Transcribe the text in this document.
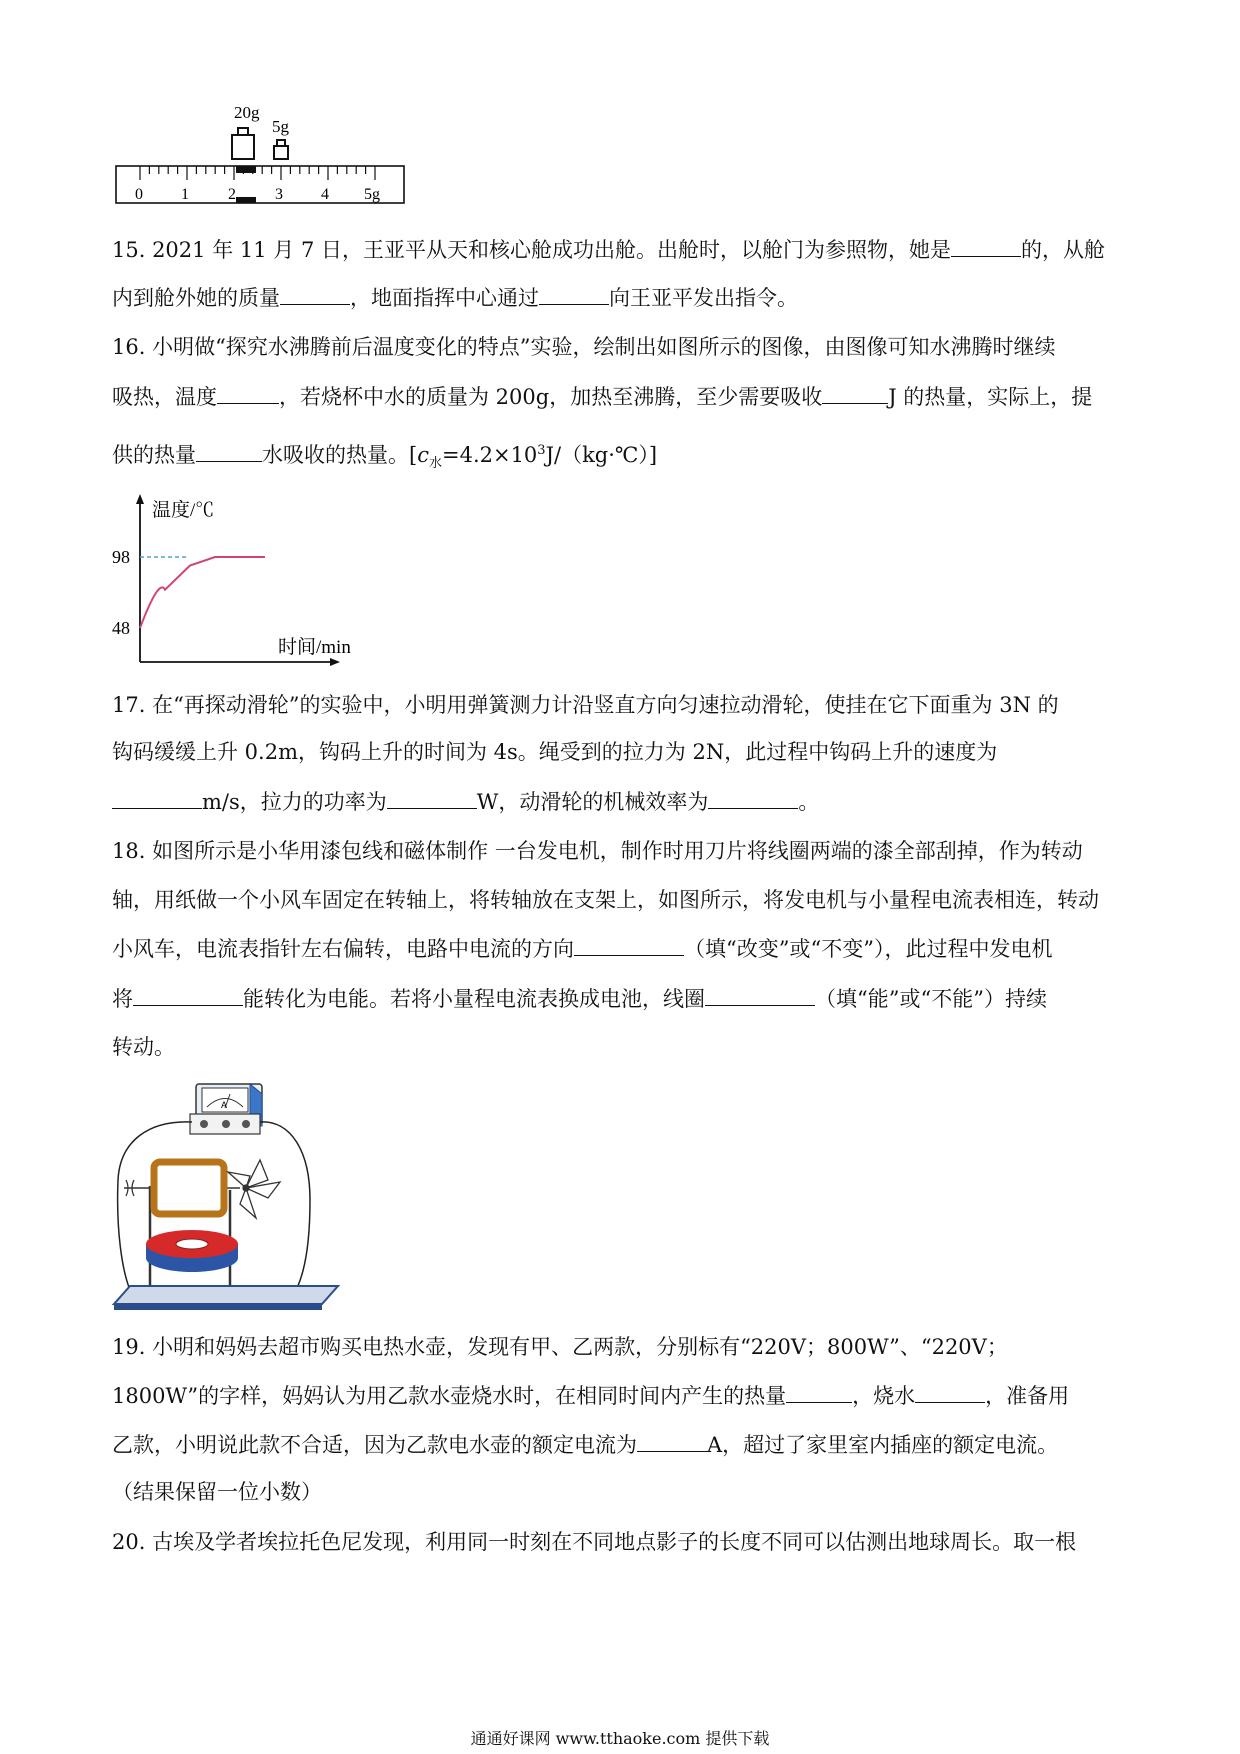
20g
5g
0 1 2 3 4 5g
15. 2021 年 11 月 7 日，王亚平从天和核心舱成功出舱。出舱时，以舱门为参照物，她是	的，从舱
内到舱外她的质量	，地面指挥中心通过	向王亚平发出指令。
16. 小明做“探究水沸腾前后温度变化的特点”实验，绘制出如图所示的图像，由图像可知水沸腾时继续
吸热，温度	，若烧杯中水的质量为 200g，加热至沸腾，至少需要吸收	J 的热量，实际上，提
供的热量	水吸收的热量。$[c_水=4.2\times 10^3J/(kg\cdot℃)]$
温度/℃
时间/min
98
48
17. 在“再探动滑轮”的实验中，小明用弹簧测力计沿竖直方向匀速拉动滑轮，使挂在它下面重为 3N 的
钩码缓缓上升 0.2m，钩码上升的时间为 4s。绳受到的拉力为 2N，此过程中钩码上升的速度为
m/s，拉力的功率为	W，动滑轮的机械效率为	。
18. 如图所示是小华用漆包线和磁体制作 一台发电机，制作时用刀片将线圈两端的漆全部刮掉，作为转动
轴，用纸做一个小风车固定在转轴上，将转轴放在支架上，如图所示，将发电机与小量程电流表相连，转动
小风车，电流表指针左右偏转，电路中电流的方向	（填“改变”或“不变”），此过程中发电机
将	能转化为电能。若将小量程电流表换成电池，线圈	（填“能”或“不能”）持续
转动。
A
19. 小明和妈妈去超市购买电热水壶，发现有甲、乙两款，分别标有“220V；800W”、“220V；
1800W”的字样，妈妈认为用乙款水壶烧水时，在相同时间内产生的热量	，烧水	，准备用
乙款，小明说此款不合适，因为乙款电水壶的额定电流为	A，超过了家里室内插座的额定电流。
（结果保留一位小数）
20. 古埃及学者埃拉托色尼发现，利用同一时刻在不同地点影子的长度不同可以估测出地球周长。取一根
通通好课网 www.tthaoke.com 提供下载
